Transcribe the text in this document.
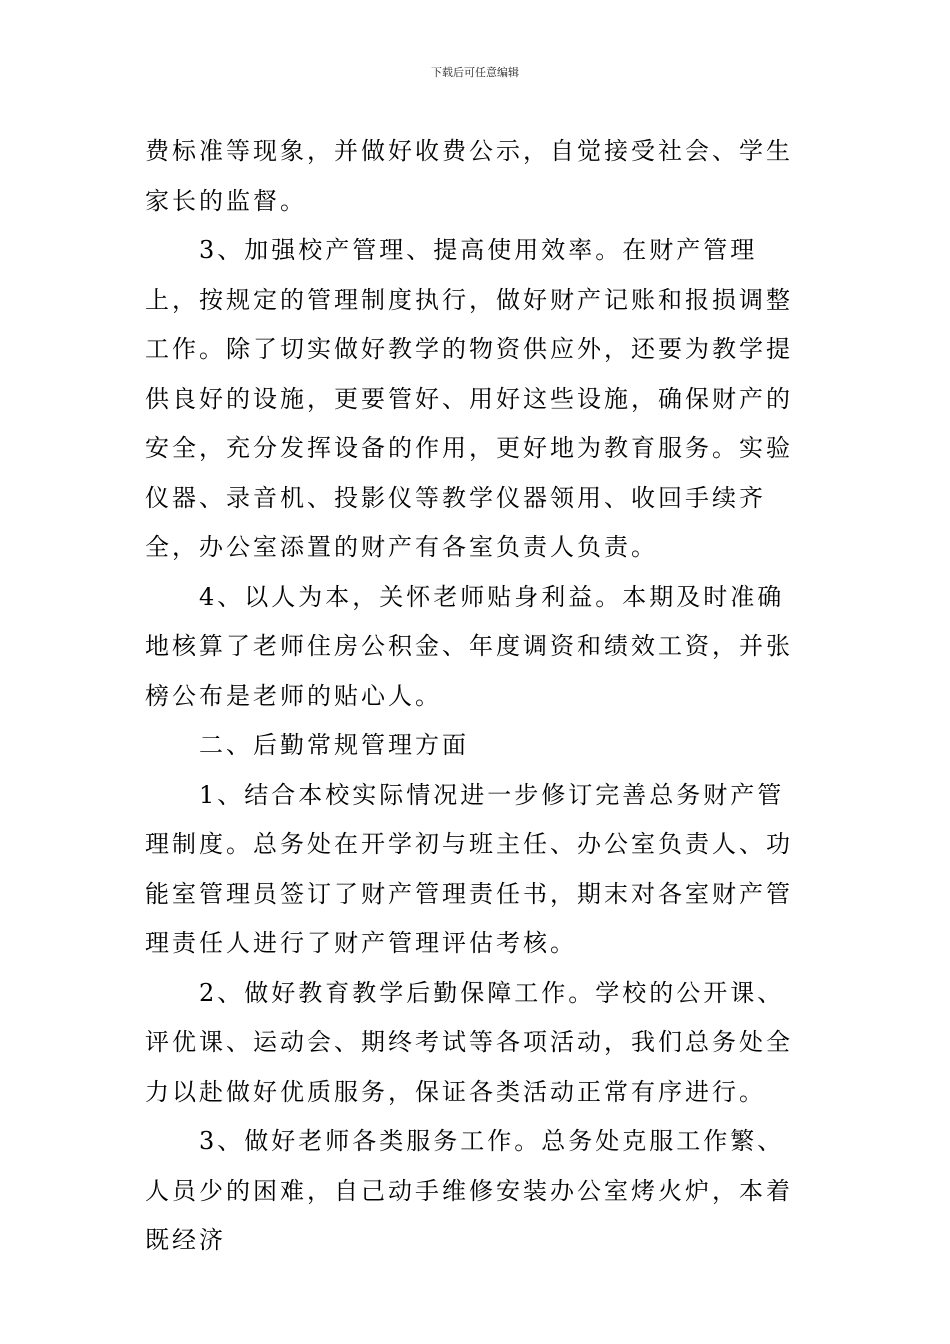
下载后可任意编辑

费标准等现象，并做好收费公示，自觉接受社会、学生家长的监督。

3、加强校产管理、提高使用效率。在财产管理上，按规定的管理制度执行，做好财产记账和报损调整工作。除了切实做好教学的物资供应外，还要为教学提供良好的设施，更要管好、用好这些设施，确保财产的安全，充分发挥设备的作用，更好地为教育服务。实验仪器、录音机、投影仪等教学仪器领用、收回手续齐全，办公室添置的财产有各室负责人负责。

4、以人为本，关怀老师贴身利益。本期及时准确地核算了老师住房公积金、年度调资和绩效工资，并张榜公布是老师的贴心人。

二、后勤常规管理方面

1、结合本校实际情况进一步修订完善总务财产管理制度。总务处在开学初与班主任、办公室负责人、功能室管理员签订了财产管理责任书，期末对各室财产管理责任人进行了财产管理评估考核。

2、做好教育教学后勤保障工作。学校的公开课、评优课、运动会、期终考试等各项活动，我们总务处全力以赴做好优质服务，保证各类活动正常有序进行。

3、做好老师各类服务工作。总务处克服工作繁、人员少的困难，自己动手维修安装办公室烤火炉，本着既经济
